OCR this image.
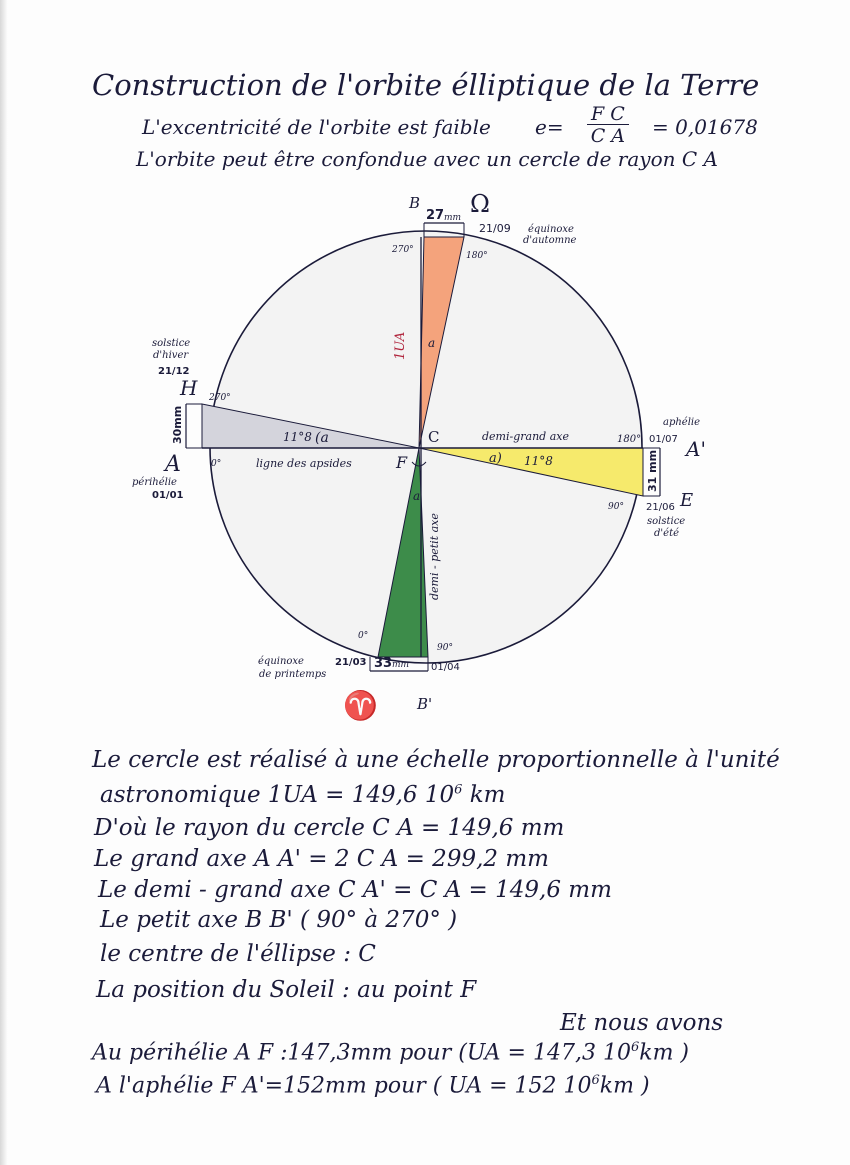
Construction de l'orbite élliptique de la Terre
L'excentricité de l'orbite est faible $e= \frac{\text{F C}}{\text{C A}} = 0,01678$
L'orbite peut être confondue avec un cercle de rayon C A
B Ω
27 mm
21/09 équinoxe
d'automne
270°
180°
1UA a
solstice
d'hiver
21/12
H 270°
30mm	11°8 (a
A	0°	ligne des apsides
périhélie
01/01
C
F
demi-grand axe
aphélie
180° 01/07 A'
a) 11°8	31 mm
90° 21/06 E
solstice
d'été
a
demi - petit axe
0°
90°
équinoxe
de printemps
21/03 33 mm 01/04
♈	B'
Le cercle est réalisé à une échelle proportionnelle à l'unité
astronomique 1UA = 149,6 $10^6$ km
D'où le rayon du cercle C A = 149,6 mm
Le grand axe A A' = 2 C A = 299,2 mm
Le demi - grand axe C A' = C A = 149,6 mm
Le petit axe B B' ( 90° à 270° )
le centre de l'éllipse : C
La position du Soleil : au point F
Et nous avons
Au périhélie A F :147,3mm pour (UA = 147,3 $10^6km$ )
A l'aphélie F A'=152mm pour ( UA = 152 $10^6km$ )
